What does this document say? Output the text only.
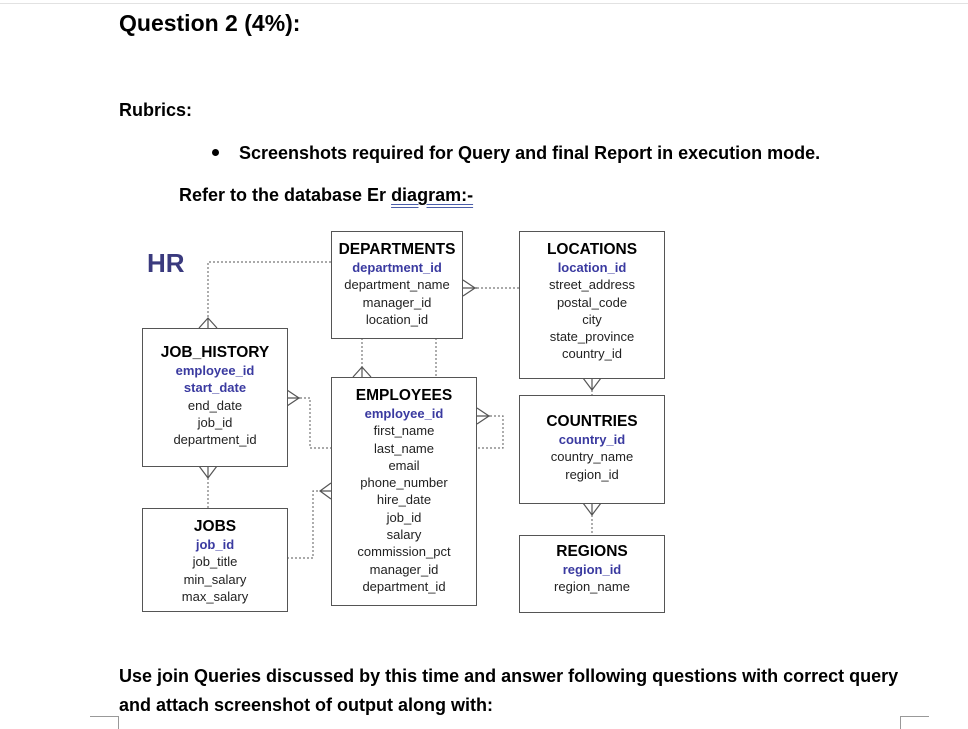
Question 2 (4%):
Rubrics:
Screenshots required for Query and final Report in execution mode.
Refer to the database Er diagram:-
HR	DEPARTMENTS
department_id
department_name
manager_id
location_id
LOCATIONS
location_id
street_address
postal_code
city
state_province
country_id
JOB_HISTORY
employee_id
start_date
end_date
job_id
department_id
EMPLOYEES
employee_id
first_name
last_name
email
phone_number
hire_date
job_id
salary
commission_pct
manager_id
department_id
COUNTRIES
country_id
country_name
region_id
JOBS
job_id
job_title
min_salary
max_salary
REGIONS
region_id
region_name
Use join Queries discussed by this time and answer following questions with correct query and attach screenshot of output along with:
